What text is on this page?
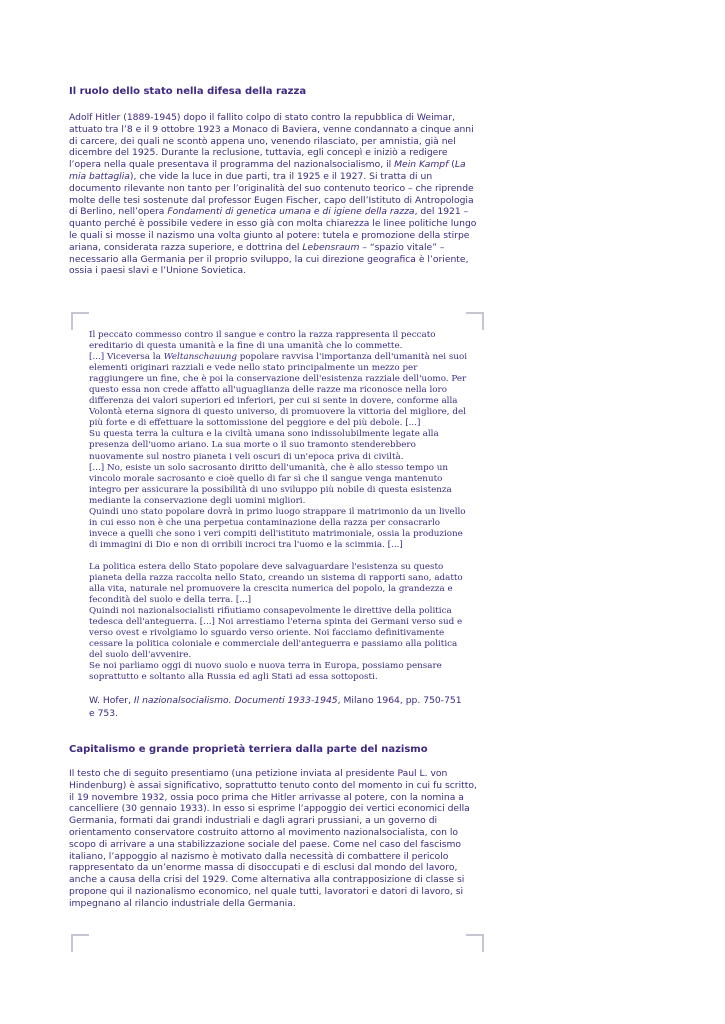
Il ruolo dello stato nella difesa della razza

Adolf Hitler (1889-1945) dopo il fallito colpo di stato contro la repubblica di Weimar, attuato tra l’8 e il 9 ottobre 1923 a Monaco di Baviera, venne condannato a cinque anni di carcere, dei quali ne scontò appena uno, venendo rilasciato, per amnistia, già nel dicembre del 1925. Durante la reclusione, tuttavia, egli concepì e iniziò a redigere l’opera nella quale presentava il programma del nazionalsocialismo, il Mein Kampf (La mia battaglia), che vide la luce in due parti, tra il 1925 e il 1927. Si tratta di un documento rilevante non tanto per l’originalità del suo contenuto teorico – che riprende molte delle tesi sostenute dal professor Eugen Fischer, capo dell’Istituto di Antropologia di Berlino, nell’opera Fondamenti di genetica umana e di igiene della razza, del 1921 – quanto perché è possibile vedere in esso già con molta chiarezza le linee politiche lungo le quali si mosse il nazismo una volta giunto al potere: tutela e promozione della stirpe ariana, considerata razza superiore, e dottrina del Lebensraum – “spazio vitale” – necessario alla Germania per il proprio sviluppo, la cui direzione geografica è l’oriente, ossia i paesi slavi e l’Unione Sovietica.

Il peccato commesso contro il sangue e contro la razza rappresenta il peccato ereditario di questa umanità e la fine di una umanità che lo commette.

[...] Viceversa la Weltanschauung popolare ravvisa l'importanza dell'umanità nei suoi elementi originari razziali e vede nello stato principalmente un mezzo per raggiungere un fine, che è poi la conservazione dell'esistenza razziale dell'uomo. Per questo essa non crede affatto all'uguaglianza delle razze ma riconosce nella loro differenza dei valori superiori ed inferiori, per cui si sente in dovere, conforme alla Volontà eterna signora di questo universo, di promuovere la vittoria del migliore, del più forte e di effettuare la sottomissione del peggiore e del più debole. [...]

Su questa terra la cultura e la civiltà umana sono indissolubilmente legate alla presenza dell'uomo ariano. La sua morte o il suo tramonto stenderebbero nuovamente sul nostro pianeta i veli oscuri di un'epoca priva di civiltà.

[...] No, esiste un solo sacrosanto diritto dell'umanità, che è allo stesso tempo un vincolo morale sacrosanto e cioè quello di far sì che il sangue venga mantenuto integro per assicurare la possibilità di uno sviluppo più nobile di questa esistenza mediante la conservazione degli uomini migliori.

Quindi uno stato popolare dovrà in primo luogo strappare il matrimonio da un livello in cui esso non è che una perpetua contaminazione della razza per consacrarlo invece a quelli che sono i veri compiti dell'istituto matrimoniale, ossia la produzione di immagini di Dio e non di orribili incroci tra l'uomo e la scimmia. [...]

La politica estera dello Stato popolare deve salvaguardare l'esistenza su questo pianeta della razza raccolta nello Stato, creando un sistema di rapporti sano, adatto alla vita, naturale nel promuovere la crescita numerica del popolo, la grandezza e fecondità del suolo e della terra. [...]

Quindi noi nazionalsocialisti rifiutiamo consapevolmente le direttive della politica tedesca dell'anteguerra. [...] Noi arrestiamo l'eterna spinta dei Germani verso sud e verso ovest e rivolgiamo lo sguardo verso oriente. Noi facciamo definitivamente cessare la politica coloniale e commerciale dell'anteguerra e passiamo alla politica del suolo dell'avvenire.

Se noi parliamo oggi di nuovo suolo e nuova terra in Europa, possiamo pensare soprattutto e soltanto alla Russia ed agli Stati ad essa sottoposti.

W. Hofer, Il nazionalsocialismo. Documenti 1933-1945, Milano 1964, pp. 750-751 e 753.
Capitalismo e grande proprietà terriera dalla parte del nazismo

Il testo che di seguito presentiamo (una petizione inviata al presidente Paul L. von Hindenburg) è assai significativo, soprattutto tenuto conto del momento in cui fu scritto, il 19 novembre 1932, ossia poco prima che Hitler arrivasse al potere, con la nomina a cancelliere (30 gennaio 1933). In esso si esprime l’appoggio dei vertici economici della Germania, formati dai grandi industriali e dagli agrari prussiani, a un governo di orientamento conservatore costruito attorno al movimento nazionalsocialista, con lo scopo di arrivare a una stabilizzazione sociale del paese. Come nel caso del fascismo italiano, l’appoggio al nazismo è motivato dalla necessità di combattere il pericolo rappresentato da un’enorme massa di disoccupati e di esclusi dal mondo del lavoro, anche a causa della crisi del 1929. Come alternativa alla contrapposizione di classe si propone qui il nazionalismo economico, nel quale tutti, lavoratori e datori di lavoro, si impegnano al rilancio industriale della Germania.
